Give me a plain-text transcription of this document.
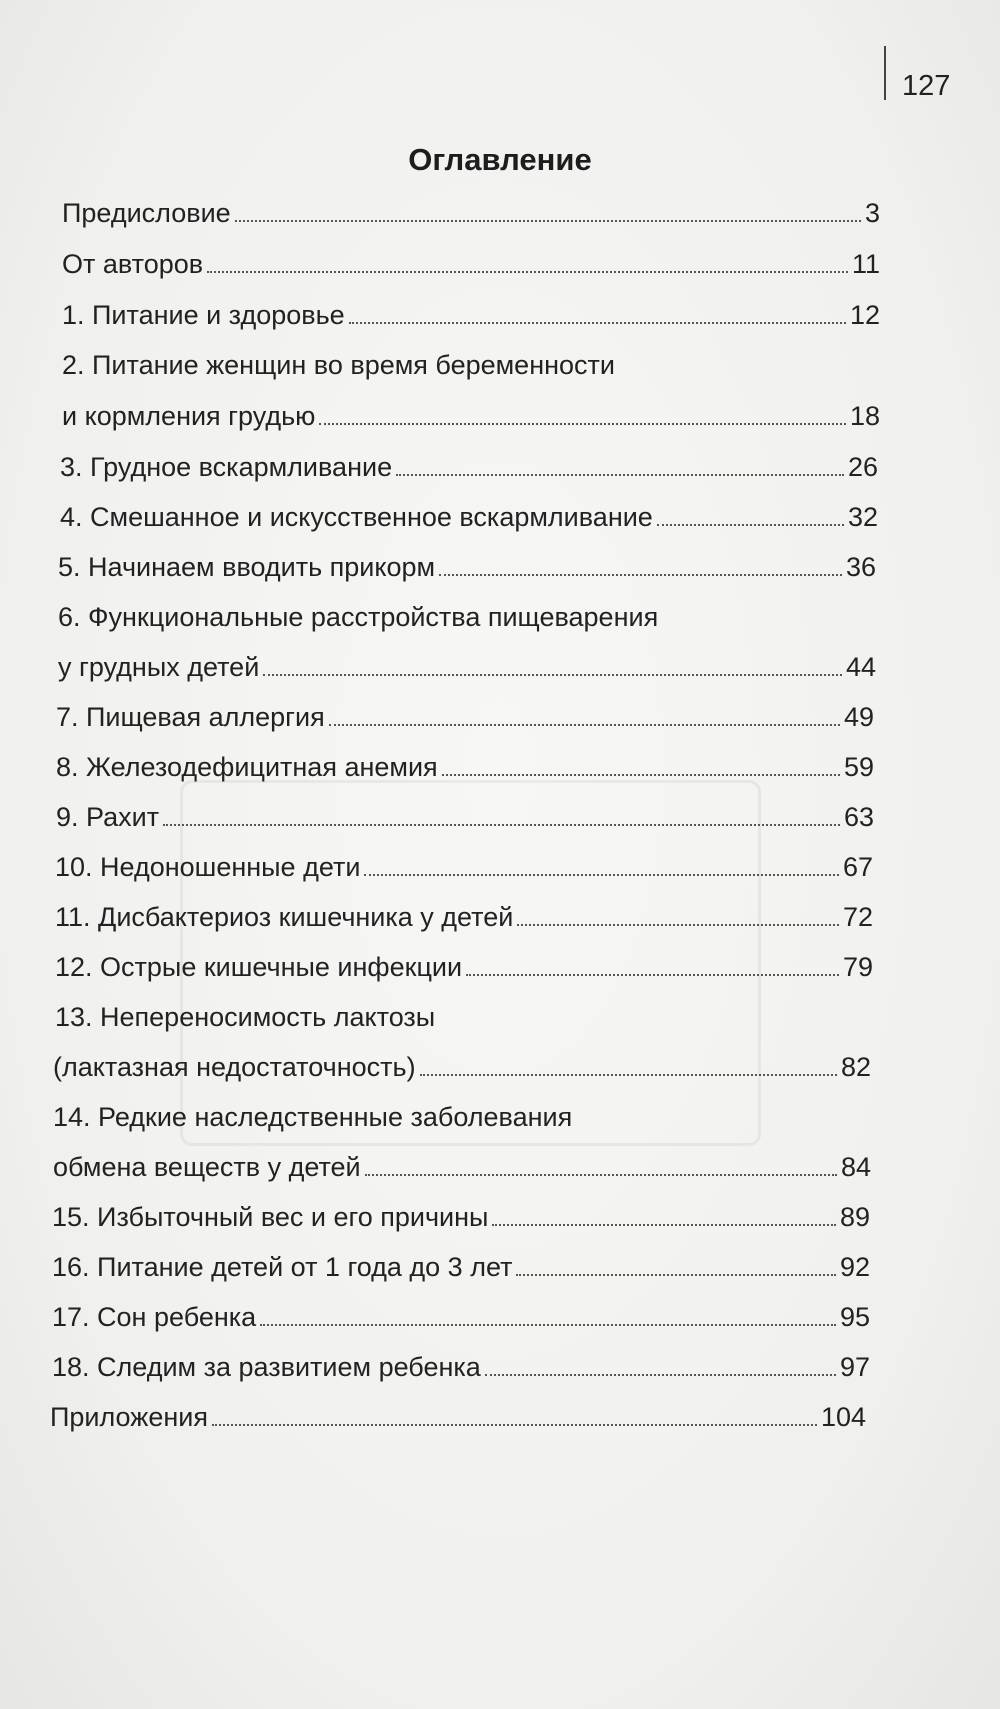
127
Оглавление
Предисловие	3
От авторов	11
1. Питание и здоровье	12
2. Питание женщин во время беременности
и кормления грудью	18
3. Грудное вскармливание	26
4. Смешанное и искусственное вскармливание	32
5. Начинаем вводить прикорм	36
6. Функциональные расстройства пищеварения
у грудных детей	44
7. Пищевая аллергия	49
8. Железодефицитная анемия	59
9. Рахит	63
10. Недоношенные дети	67
11. Дисбактериоз кишечника у детей	72
12. Острые кишечные инфекции	79
13. Непереносимость лактозы
(лактазная недостаточность)	82
14. Редкие наследственные заболевания
обмена веществ у детей	84
15. Избыточный вес и его причины	89
16. Питание детей от 1 года до 3 лет	92
17. Сон ребенка	95
18. Следим за развитием ребенка	97
Приложения	104
